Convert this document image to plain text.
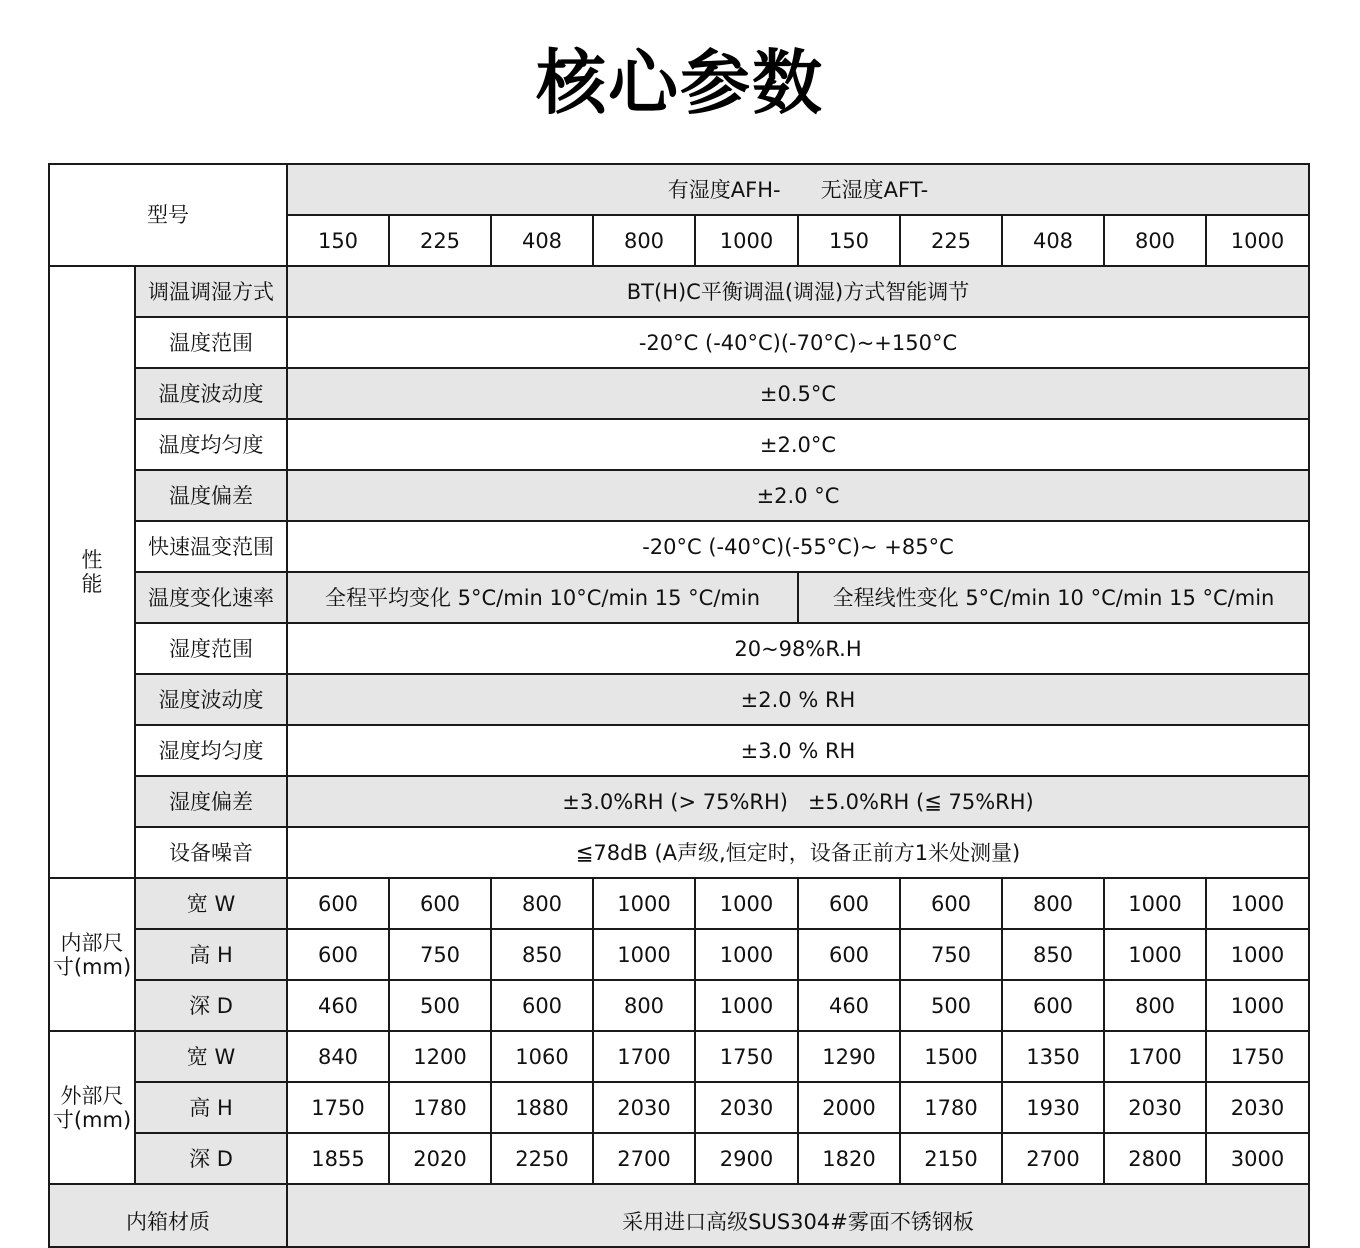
核心参数
型号		有湿度AFH-      无湿度AFT-									
		150	225	408	800	1000	150	225	408	800	1000
性
能	调温调湿方式	BT(H)C平衡调温(调湿)方式智能调节									
	温度范围	-20°C (-40°C)(-70°C)~+150°C									
	温度波动度	±0.5°C									
	温度均匀度	±2.0°C									
	温度偏差	±2.0 °C									
	快速温变范围	-20°C (-40°C)(-55°C)~ +85°C									
	温度变化速率	全程平均变化 5°C/min 10°C/min 15 °C/min					全程线性变化 5°C/min 10 °C/min 15 °C/min				
	湿度范围	20~98%R.H									
	湿度波动度	±2.0 % RH									
	湿度均匀度	±3.0 % RH									
	湿度偏差	±3.0%RH (> 75%RH)   ±5.0%RH (≦ 75%RH)									
	设备噪音	≦78dB (A声级,恒定时，设备正前方1米处测量)									
内部尺
寸(mm)	宽 W	600	600	800	1000	1000	600	600	800	1000	1000
	高 H	600	750	850	1000	1000	600	750	850	1000	1000
	深 D	460	500	600	800	1000	460	500	600	800	1000
外部尺
寸(mm)	宽 W	840	1200	1060	1700	1750	1290	1500	1350	1700	1750
	高 H	1750	1780	1880	2030	2030	2000	1780	1930	2030	2030
	深 D	1855	2020	2250	2700	2900	1820	2150	2700	2800	3000
内箱材质		采用进口高级SUS304#雾面不锈钢板									
